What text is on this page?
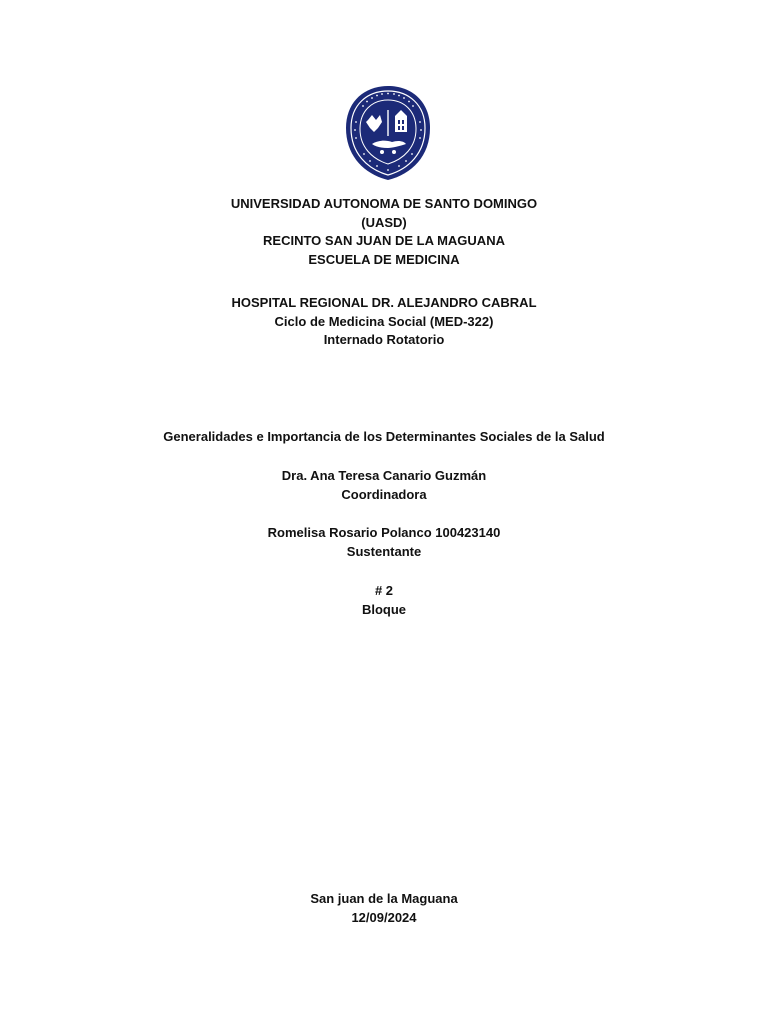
UNIVERSIDAD AUTONOMA DE SANTO DOMINGO

(UASD)

RECINTO SAN JUAN DE LA MAGUANA

ESCUELA DE MEDICINA

HOSPITAL REGIONAL DR. ALEJANDRO CABRAL

Ciclo de Medicina Social (MED-322)

Internado Rotatorio

Generalidades e Importancia de los Determinantes Sociales de la Salud

Dra. Ana Teresa Canario Guzmán

Coordinadora

Romelisa Rosario Polanco 100423140

Sustentante

# 2

Bloque

San juan de la Maguana

12/09/2024
